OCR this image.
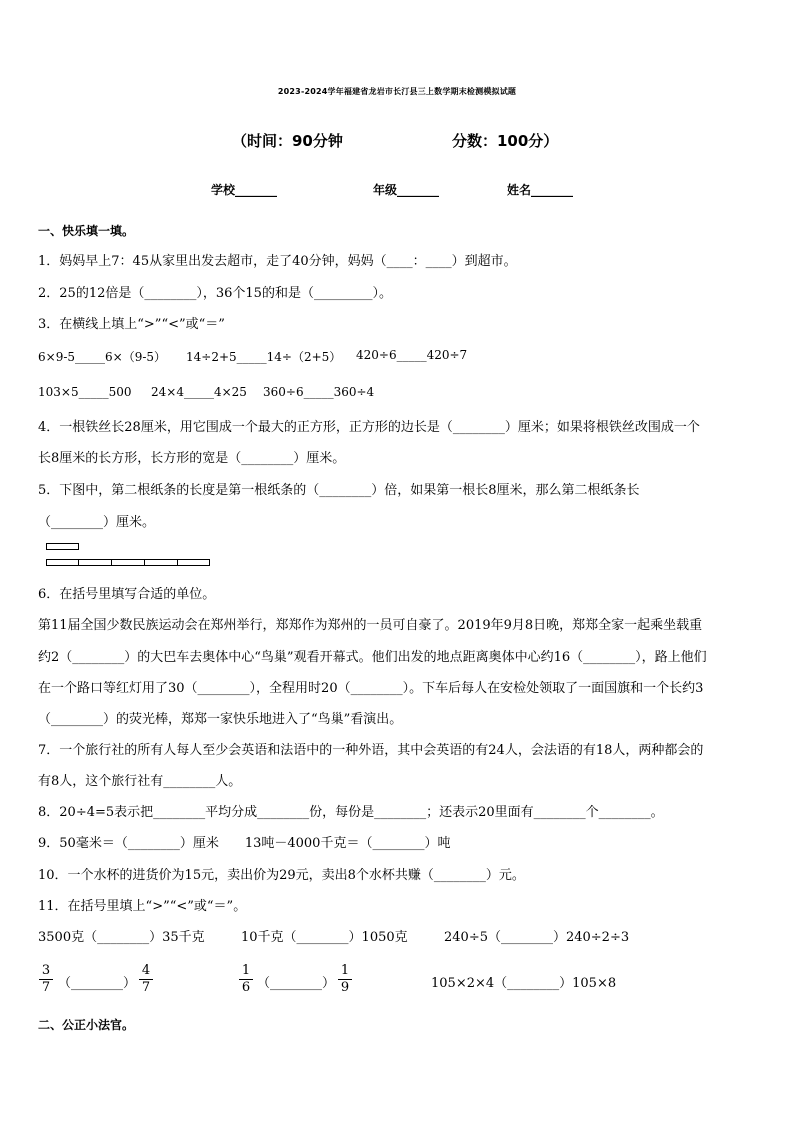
2023-2024学年福建省龙岩市长汀县三上数学期末检测模拟试题
（时间：90分钟	分数：100分）
学校_______	年级_______	姓名_______
一、快乐填一填。
1．妈妈早上7：45从家里出发去超市，走了40分钟，妈妈（____：____）到超市。
2．25的12倍是（________），36个15的和是（_________）。
3．在横线上填上“>”“<”或“＝”
6×9-5_____6×（9-5） 14÷2+5_____14÷（2+5） 420÷6_____420÷7
103×5_____500 24×4_____4×25 360÷6_____360÷4
4．一根铁丝长28厘米，用它围成一个最大的正方形，正方形的边长是（________）厘米；如果将根铁丝改围成一个
长8厘米的长方形，长方形的宽是（________）厘米。
5．下图中，第二根纸条的长度是第一根纸条的（________）倍，如果第一根长8厘米，那么第二根纸条长
（________）厘米。
6．在括号里填写合适的单位。
第11届全国少数民族运动会在郑州举行，郑郑作为郑州的一员可自豪了。2019年9月8日晚，郑郑全家一起乘坐载重
约2（________）的大巴车去奥体中心“鸟巢”观看开幕式。他们出发的地点距离奥体中心约16（________），路上他们
在一个路口等红灯用了30（________），全程用时20（________）。下车后每人在安检处领取了一面国旗和一个长约3
（________）的荧光棒，郑郑一家快乐地进入了“鸟巢”看演出。
7．一个旅行社的所有人每人至少会英语和法语中的一种外语，其中会英语的有24人，会法语的有18人，两种都会的
有8人，这个旅行社有________人。
8．20÷4=5表示把________平均分成________份，每份是________；还表示20里面有________个________。
9．50毫米＝（________）厘米　　13吨－4000千克＝（________）吨
10．一个水杯的进货价为15元，卖出价为29元，卖出8个水杯共赚（________）元。
11．在括号里填上“>”“<”或“＝”。
3500克（________）35千克	10千克（________）1050克	240÷5（________）240÷2÷3
$\frac{3}{7}$ （________） $\frac{4}{7}$	$\frac{1}{6}$ （________） $\frac{1}{9}$	105×2×4（________）105×8
二、公正小法官。
